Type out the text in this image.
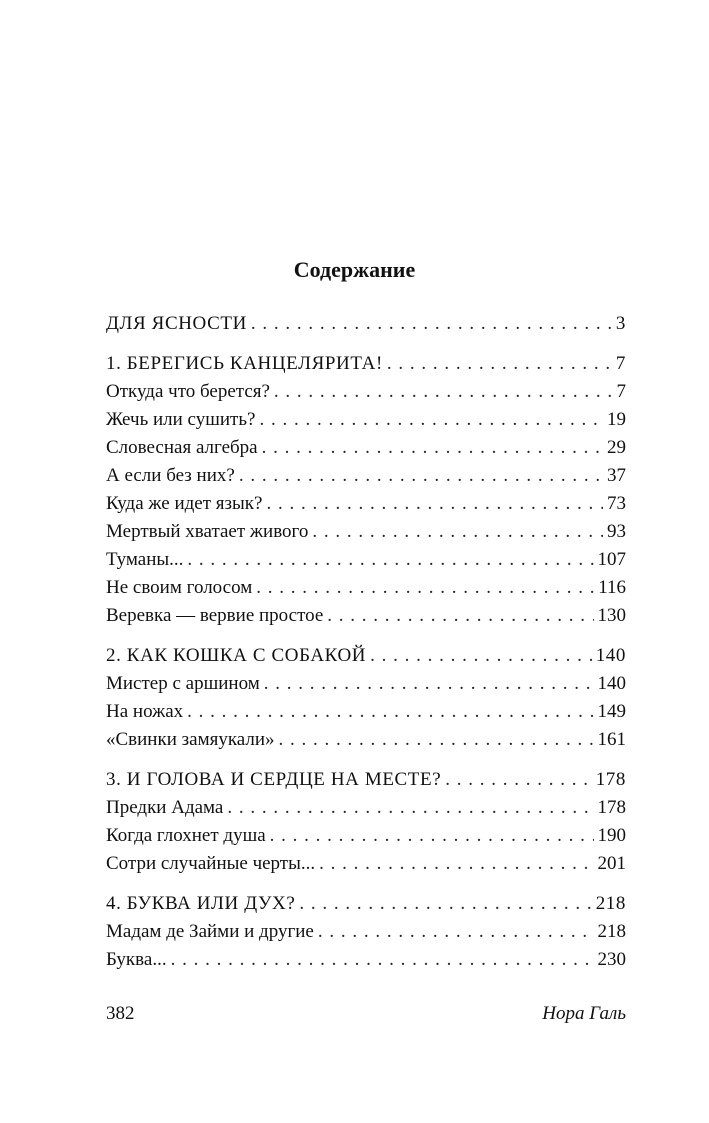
Содержание
ДЛЯ ЯСНОСТИ . . .	3
1. БЕРЕГИСЬ КАНЦЕЛЯРИТА! . . .	7
Откуда что берется? . . .	7
Жечь или сушить? . . .	19
Словесная алгебра . . .	29
А если без них? . . .	37
Куда же идет язык? . . .	73
Мертвый хватает живого . . .	93
Туманы... . . .	107
Не своим голосом . . .	116
Веревка — вервие простое . . .	130
2. КАК КОШКА С СОБАКОЙ . . .	140
Мистер с аршином . . .	140
На ножах . . .	149
«Свинки замяукали» . . .	161
3. И ГОЛОВА И СЕРДЦЕ НА МЕСТЕ? . . .	178
Предки Адама . . .	178
Когда глохнет душа . . .	190
Сотри случайные черты... . . .	201
4. БУКВА ИЛИ ДУХ? . . .	218
Мадам де Займи и другие . . .	218
Буква... . . .	230
382	Нора Галь
